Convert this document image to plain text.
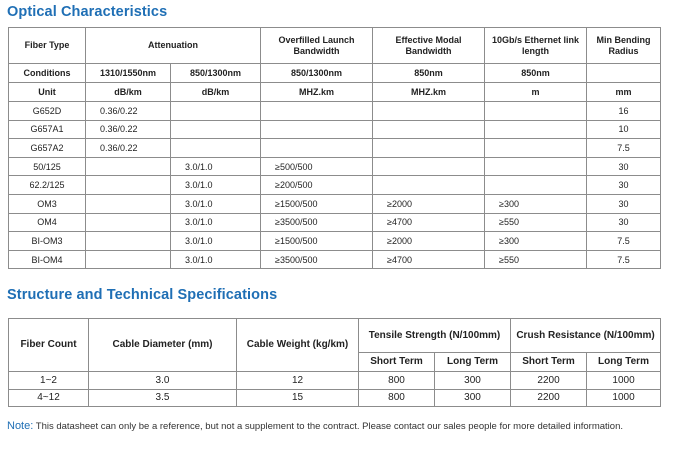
Optical Characteristics
Fiber Type	Attenuation		Overfilled Launch Bandwidth	Effective Modal Bandwidth	10Gb/s Ethernet link length	Min Bending Radius
Conditions	1310/1550nm	850/1300nm	850/1300nm	850nm	850nm	
Unit	dB/km	dB/km	MHZ.km	MHZ.km	m	mm
G652D	0.36/0.22					16
G657A1	0.36/0.22					10
G657A2	0.36/0.22					7.5
50/125		3.0/1.0	≥500/500			30
62.2/125		3.0/1.0	≥200/500			30
OM3		3.0/1.0	≥1500/500	≥2000	≥300	30
OM4		3.0/1.0	≥3500/500	≥4700	≥550	30
BI-OM3		3.0/1.0	≥1500/500	≥2000	≥300	7.5
BI-OM4		3.0/1.0	≥3500/500	≥4700	≥550	7.5
Structure and Technical Specifications
Fiber Count	Cable Diameter (mm)	Cable Weight (kg/km)	Tensile Strength (N/100mm)		Crush Resistance (N/100mm)	
			Short Term	Long Term	Short Term	Long Term
1~2	3.0	12	800	300	2200	1000
4~12	3.5	15	800	300	2200	1000
Note: This datasheet can only be a reference, but not a supplement to the contract. Please contact our sales people for more detailed information.
